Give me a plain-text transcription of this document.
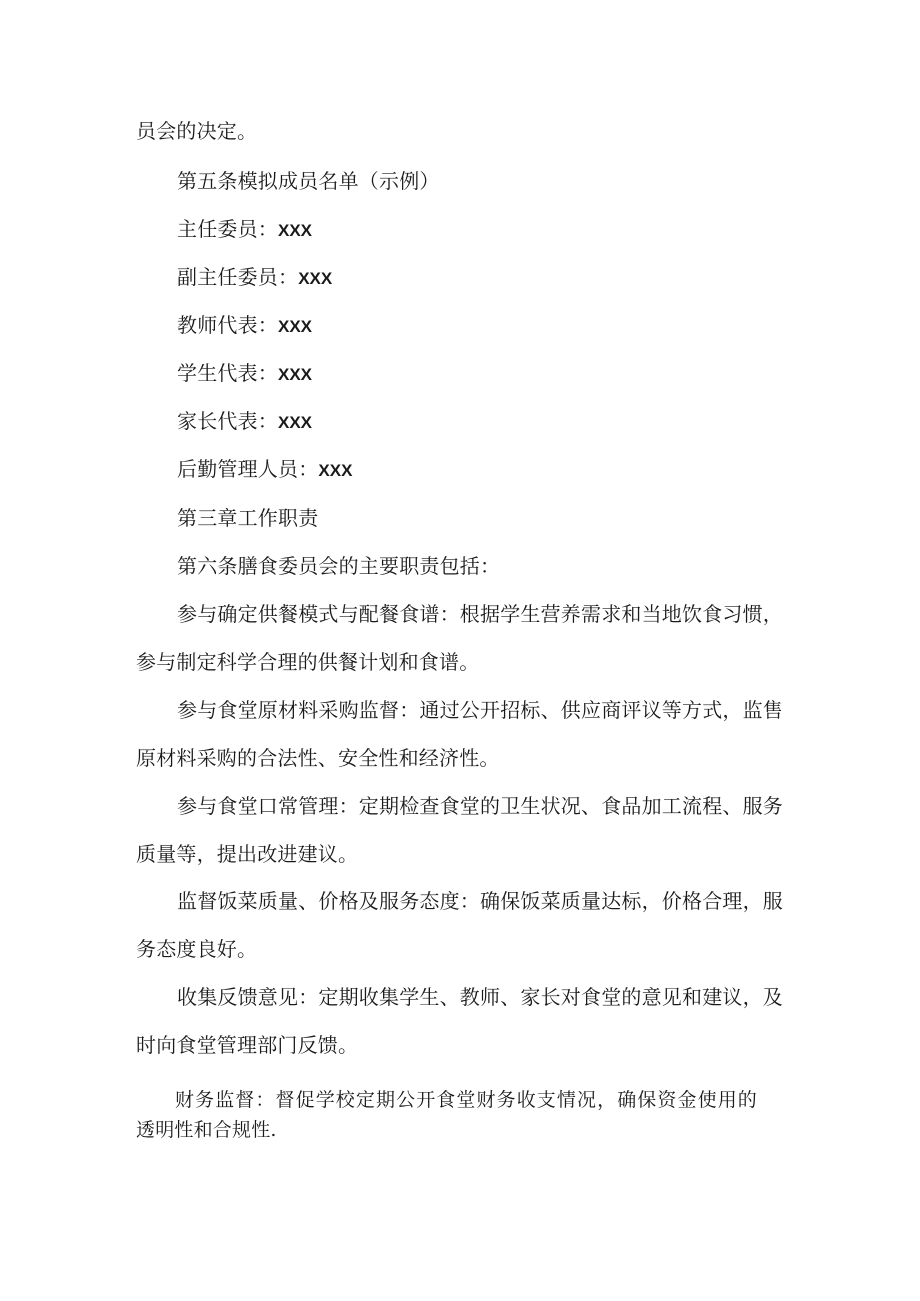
员会的决定。
第五条模拟成员名单（示例）
主任委员：XXX
副主任委员：XXX
教师代表：XXX
学生代表：XXX
家长代表：XXX
后勤管理人员：XXX
第三章工作职责
第六条膳食委员会的主要职责包括：
参与确定供餐模式与配餐食谱：根据学生营养需求和当地饮食习惯，
参与制定科学合理的供餐计划和食谱。
参与食堂原材料采购监督：通过公开招标、供应商评议等方式，监售
原材料采购的合法性、安全性和经济性。
参与食堂口常管理：定期检查食堂的卫生状况、食品加工流程、服务
质量等，提出改进建议。
监督饭菜质量、价格及服务态度：确保饭菜质量达标，价格合理，服
务态度良好。
收集反馈意见：定期收集学生、教师、家长对食堂的意见和建议，及
时向食堂管理部门反馈。
财务监督：督促学校定期公开食堂财务收支情况，确保资金使用的
透明性和合规性.
